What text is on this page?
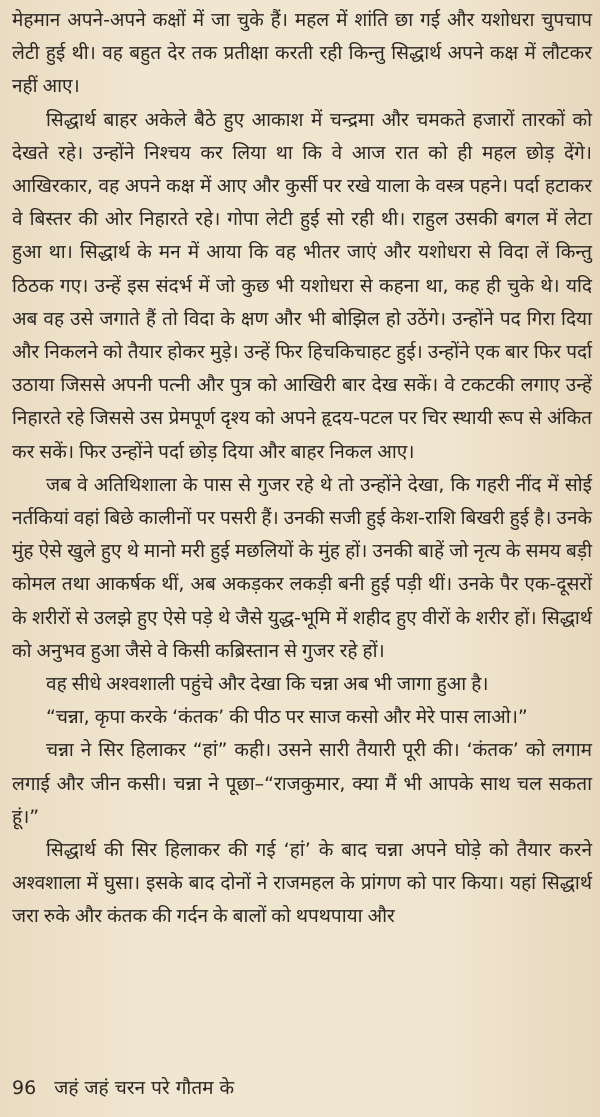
मेहमान अपने-अपने कक्षों में जा चुके हैं। महल में शांति छा गई और यशोधरा चुपचाप लेटी हुई थी। वह बहुत देर तक प्रतीक्षा करती रही किन्तु सिद्धार्थ अपने कक्ष में लौटकर नहीं आए।

सिद्धार्थ बाहर अकेले बैठे हुए आकाश में चन्द्रमा और चमकते हजारों तारकों को देखते रहे। उन्होंने निश्चय कर लिया था कि वे आज रात को ही महल छोड़ देंगे। आखिरकार, वह अपने कक्ष में आए और कुर्सी पर रखे याला के वस्त्र पहने। पर्दा हटाकर वे बिस्तर की ओर निहारते रहे। गोपा लेटी हुई सो रही थी। राहुल उसकी बगल में लेटा हुआ था। सिद्धार्थ के मन में आया कि वह भीतर जाएं और यशोधरा से विदा लें किन्तु ठिठक गए। उन्हें इस संदर्भ में जो कुछ भी यशोधरा से कहना था, कह ही चुके थे। यदि अब वह उसे जगाते हैं तो विदा के क्षण और भी बोझिल हो उठेंगे। उन्होंने पद गिरा दिया और निकलने को तैयार होकर मुड़े। उन्हें फिर हिचकिचाहट हुई। उन्होंने एक बार फिर पर्दा उठाया जिससे अपनी पत्नी और पुत्र को आखिरी बार देख सकें। वे टकटकी लगाए उन्हें निहारते रहे जिससे उस प्रेमपूर्ण दृश्य को अपने हृदय-पटल पर चिर स्थायी रूप से अंकित कर सकें। फिर उन्होंने पर्दा छोड़ दिया और बाहर निकल आए।

जब वे अतिथिशाला के पास से गुजर रहे थे तो उन्होंने देखा, कि गहरी नींद में सोई नर्तकियां वहां बिछे कालीनों पर पसरी हैं। उनकी सजी हुई केश-राशि बिखरी हुई है। उनके मुंह ऐसे खुले हुए थे मानो मरी हुई मछलियों के मुंह हों। उनकी बाहें जो नृत्य के समय बड़ी कोमल तथा आकर्षक थीं, अब अकड़कर लकड़ी बनी हुई पड़ी थीं। उनके पैर एक-दूसरों के शरीरों से उलझे हुए ऐसे पड़े थे जैसे युद्ध-भूमि में शहीद हुए वीरों के शरीर हों। सिद्धार्थ को अनुभव हुआ जैसे वे किसी कब्रिस्तान से गुजर रहे हों।

वह सीधे अश्वशाली पहुंचे और देखा कि चन्ना अब भी जागा हुआ है।

“चन्ना, कृपा करके ‘कंतक’ की पीठ पर साज कसो और मेरे पास लाओ।”

चन्ना ने सिर हिलाकर “हां” कही। उसने सारी तैयारी पूरी की। ‘कंतक’ को लगाम लगाई और जीन कसी। चन्ना ने पूछा–“राजकुमार, क्या मैं भी आपके साथ चल सकता हूं।”

सिद्धार्थ की सिर हिलाकर की गई ‘हां’ के बाद चन्ना अपने घोड़े को तैयार करने अश्वशाला में घुसा। इसके बाद दोनों ने राजमहल के प्रांगण को पार किया। यहां सिद्धार्थ जरा रुके और कंतक की गर्दन के बालों को थपथपाया और

96 जहं जहं चरन परे गौतम के
